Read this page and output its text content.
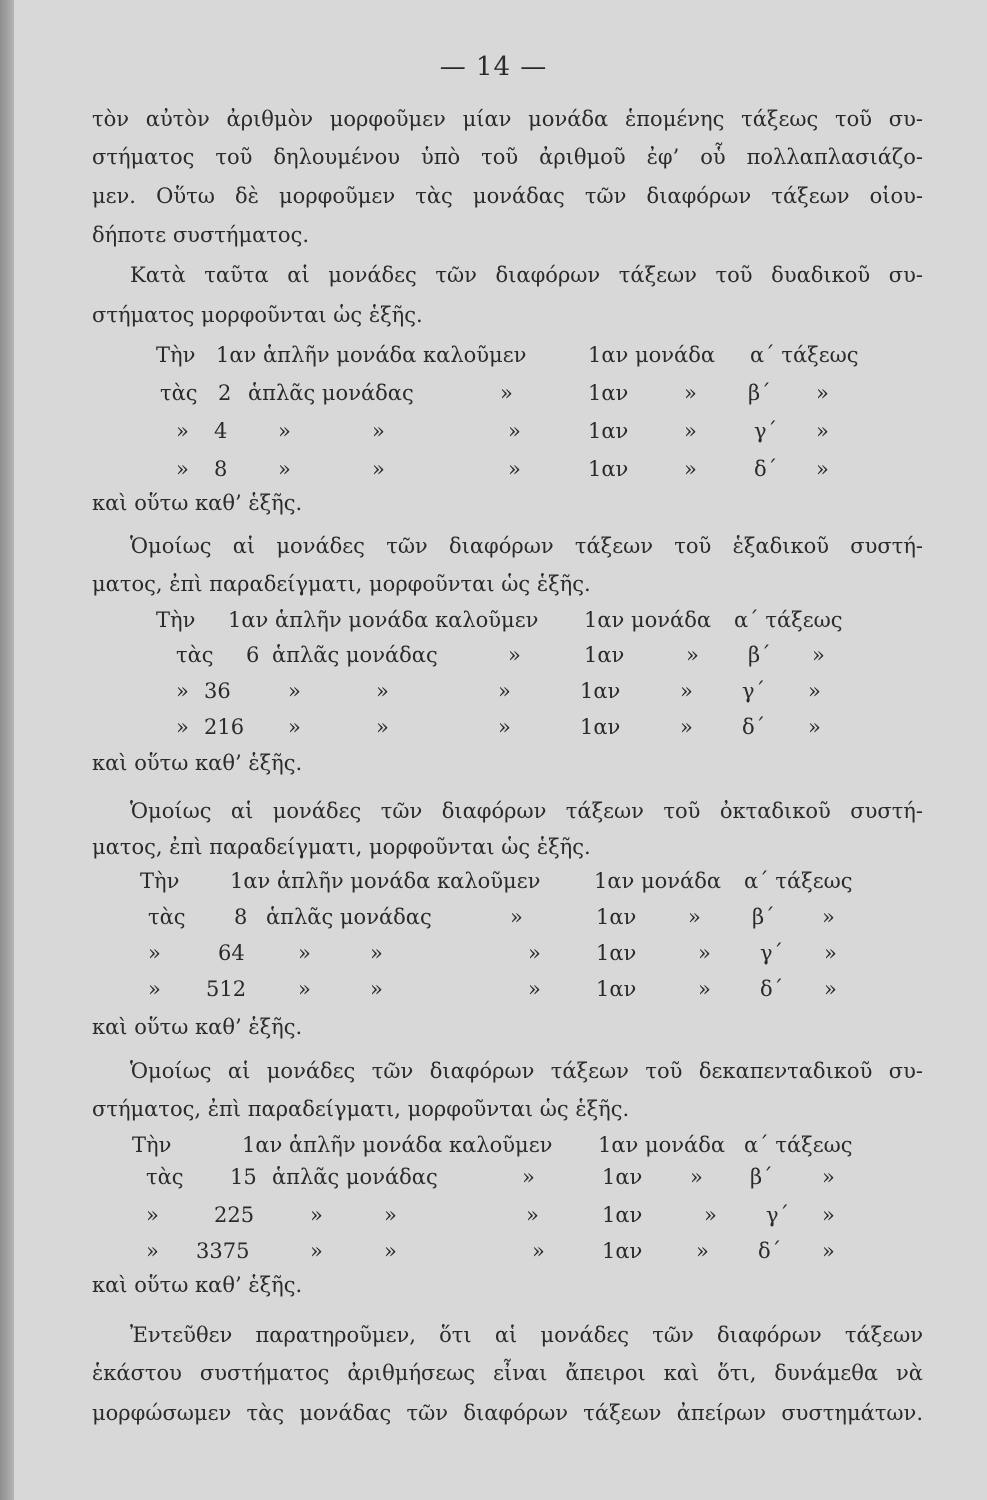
— 14 —
τὸν αὐτὸν ἀριθμὸν μορφοῦμεν μίαν μονάδα ἑπομένης τάξεως τοῦ συ-
στήματος τοῦ δηλουμένου ὑπὸ τοῦ ἀριθμοῦ ἐφ’ οὗ πολλαπλασιάζο-
μεν. Οὕτω δὲ μορφοῦμεν τὰς μονάδας τῶν διαφόρων τάξεων οἱου-
δήποτε συστήματος.
Κατὰ ταῦτα αἱ μονάδες τῶν διαφόρων τάξεων τοῦ δυαδικοῦ συ-
στήματος μορφοῦνται ὡς ἑξῆς.
Τὴν 1αν ἁπλῆν μονάδα καλοῦμεν	1αν μονάδα α΄ τάξεως
τὰς 2 ἁπλᾶς μονάδας	»	1αν	» β΄ »
» 4 »	»	»	1αν	»	γ΄ »
» 8 »	»	»	1αν	»	δ΄ »
καὶ οὕτω καθ’ ἑξῆς.
Ὁμοίως αἱ μονάδες τῶν διαφόρων τάξεων τοῦ ἑξαδικοῦ συστή-
ματος, ἐπὶ παραδείγματι, μορφοῦνται ὡς ἑξῆς.
Τὴν 1αν ἁπλῆν μονάδα καλοῦμεν 1αν μονάδα α΄ τάξεως
τὰς 6 ἁπλᾶς μονάδας	»	1αν	» β΄ »
» 36	»	»	»	1αν	» γ΄ »
» 216 »	»	»	1αν	» δ΄ »
καὶ οὕτω καθ’ ἑξῆς.
Ὁμοίως αἱ μονάδες τῶν διαφόρων τάξεων τοῦ ὀκταδικοῦ συστή-
ματος, ἐπὶ παραδείγματι, μορφοῦνται ὡς ἑξῆς.
Τὴν 1αν ἁπλῆν μονάδα καλοῦμεν	1αν μονάδα α΄ τάξεως
τὰς 8 ἁπλᾶς μονάδας	»	1αν » β΄ »
»	64	»	»	»	1αν	» γ΄ »
» 512 »	»	»	1αν	» δ΄ »
καὶ οὕτω καθ’ ἑξῆς.
Ὁμοίως αἱ μονάδες τῶν διαφόρων τάξεων τοῦ δεκαπενταδικοῦ συ-
στήματος, ἐπὶ παραδείγματι, μορφοῦνται ὡς ἑξῆς.
Τὴν	1αν ἁπλῆν μονάδα καλοῦμεν 1αν μονάδα α΄ τάξεως
τὰς 15 ἁπλᾶς μονάδας	»	1αν » β΄ »
»	225	»	»	»	1αν	» γ΄ »
» 3375	»	»	»	1αν	» δ΄ »
καὶ οὕτω καθ’ ἑξῆς.
Ἐντεῦθεν παρατηροῦμεν, ὅτι αἱ μονάδες τῶν διαφόρων τάξεων
ἑκάστου συστήματος ἀριθμήσεως εἶναι ἄπειροι καὶ ὅτι, δυνάμεθα νὰ
μορφώσωμεν τὰς μονάδας τῶν διαφόρων τάξεων ἀπείρων συστημάτων.
